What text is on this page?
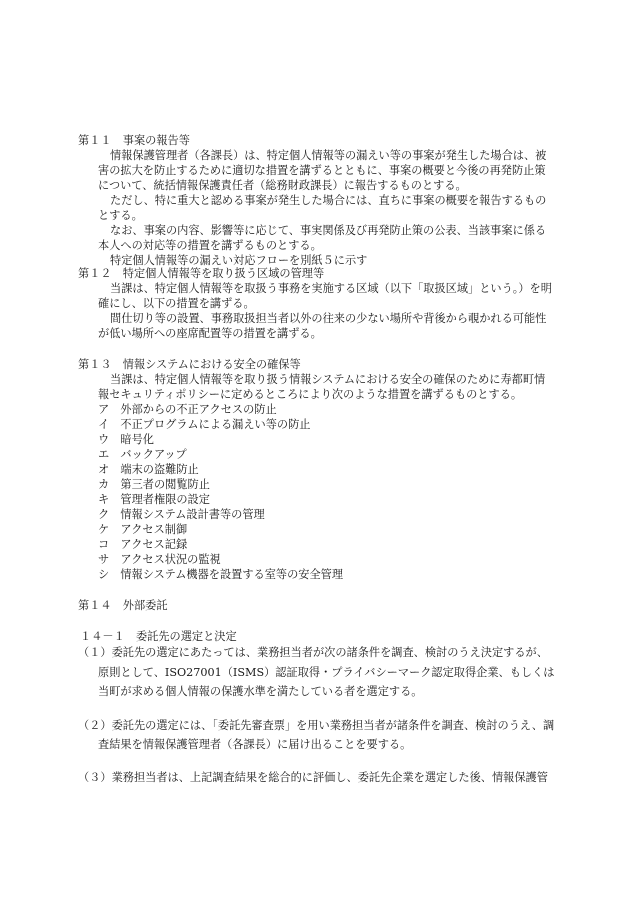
第１１　事案の報告等
情報保護管理者（各課長）は、特定個人情報等の漏えい等の事案が発生した場合は、被
害の拡大を防止するために適切な措置を講ずるとともに、事案の概要と今後の再発防止策
について、統括情報保護責任者（総務財政課長）に報告するものとする。
ただし、特に重大と認める事案が発生した場合には、直ちに事案の概要を報告するもの
とする。
なお、事案の内容、影響等に応じて、事実関係及び再発防止策の公表、当該事案に係る
本人への対応等の措置を講ずるものとする。
特定個人情報等の漏えい対応フローを別紙５に示す
第１２　特定個人情報等を取り扱う区域の管理等
当課は、特定個人情報等を取扱う事務を実施する区域（以下「取扱区域」という。）を明
確にし、以下の措置を講ずる。
間仕切り等の設置、事務取扱担当者以外の往来の少ない場所や背後から覗かれる可能性
が低い場所への座席配置等の措置を講ずる。
第１３　情報システムにおける安全の確保等
当課は、特定個人情報等を取り扱う情報システムにおける安全の確保のために寿都町情
報セキュリティポリシーに定めるところにより次のような措置を講ずるものとする。
ア　外部からの不正アクセスの防止
イ　不正プログラムによる漏えい等の防止
ウ　暗号化
エ　バックアップ
オ　端末の盗難防止
カ　第三者の閲覧防止
キ　管理者権限の設定
ク　情報システム設計書等の管理
ケ　アクセス制御
コ　アクセス記録
サ　アクセス状況の監視
シ　情報システム機器を設置する室等の安全管理
第１４　外部委託
１４－１　委託先の選定と決定
（１）委託先の選定にあたっては、業務担当者が次の諸条件を調査、検討のうえ決定するが、
原則として、ISO27001（ISMS）認証取得・プライバシーマーク認定取得企業、もしくは
当町が求める個人情報の保護水準を満たしている者を選定する。
（２）委託先の選定には、「委託先審査票」を用い業務担当者が諸条件を調査、検討のうえ、調
査結果を情報保護管理者（各課長）に届け出ることを要する。
（３）業務担当者は、上記調査結果を総合的に評価し、委託先企業を選定した後、情報保護管
